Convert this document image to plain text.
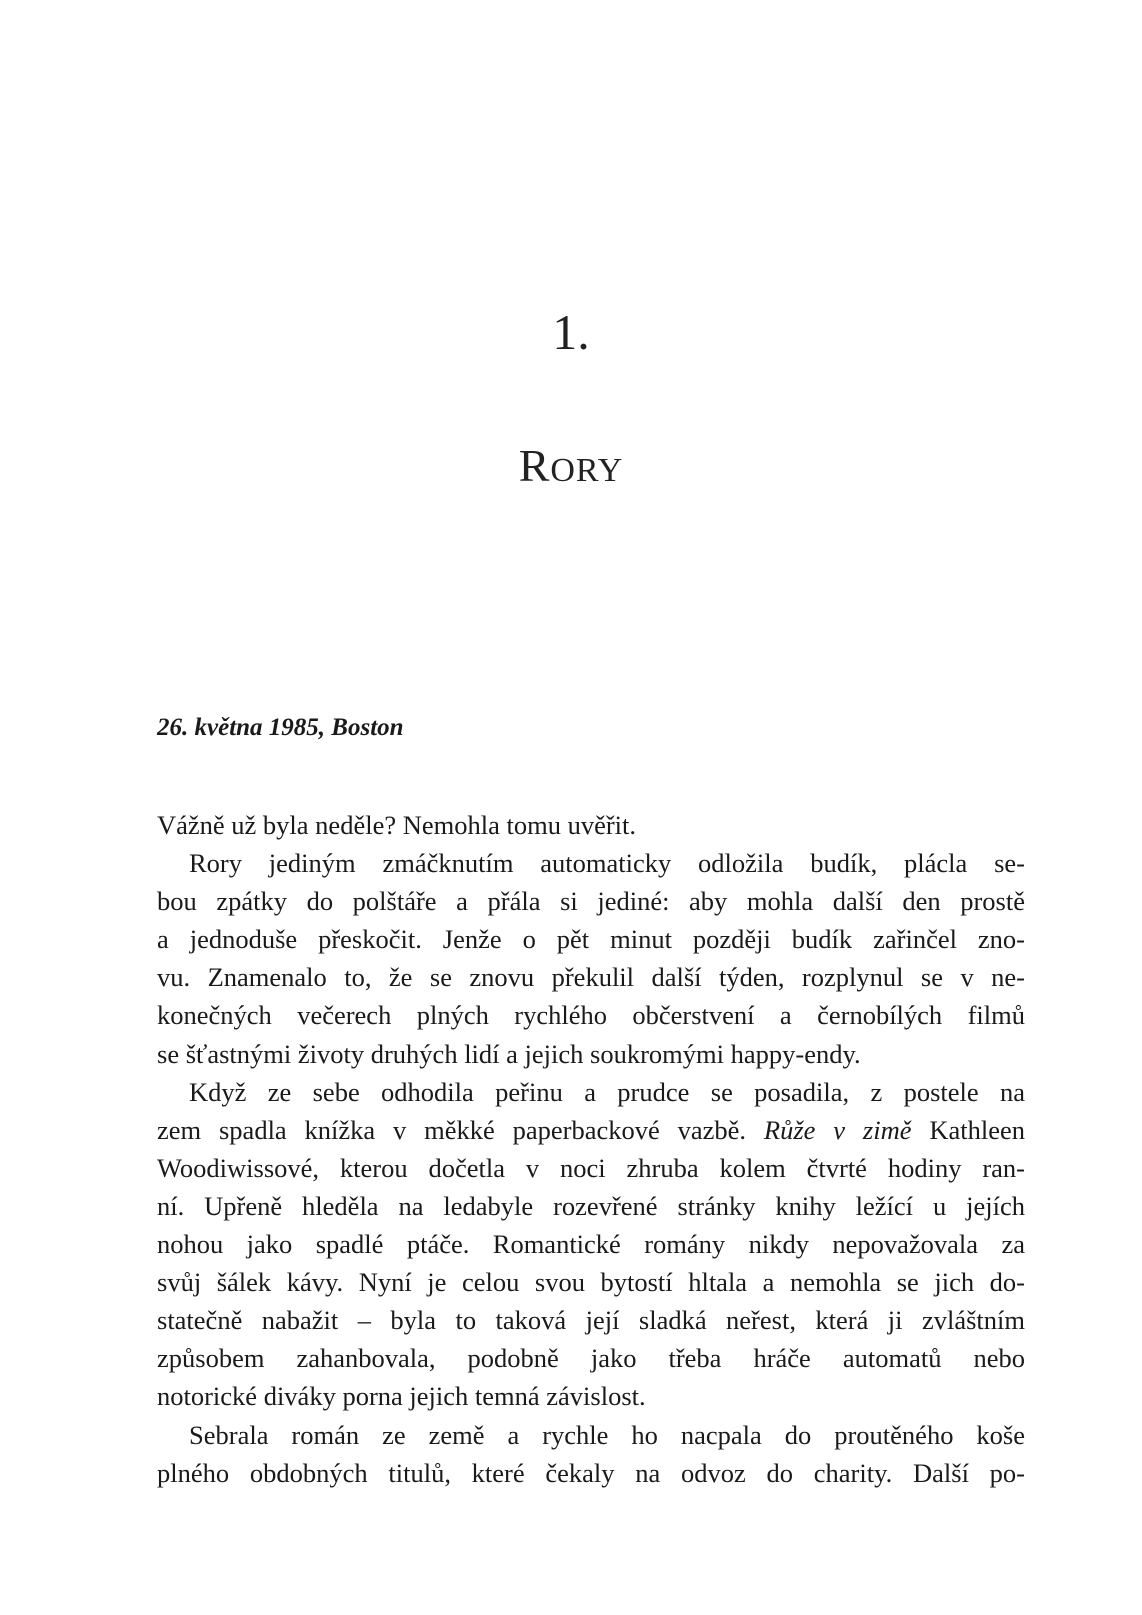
1.
RORY
26. května 1985, Boston
Vážně už byla neděle? Nemohla tomu uvěřit.
Rory jediným zmáčknutím automaticky odložila budík, plácla se-
bou zpátky do polštáře a přála si jediné: aby mohla další den prostě
a jednoduše přeskočit. Jenže o pět minut později budík zařinčel zno-
vu. Znamenalo to, že se znovu překulil další týden, rozplynul se v ne-
konečných večerech plných rychlého občerstvení a černobílých filmů
se šťastnými životy druhých lidí a jejich soukromými happy-endy.
Když ze sebe odhodila peřinu a prudce se posadila, z postele na
zem spadla knížka v měkké paperbackové vazbě. Růže v zimě Kathleen
Woodiwissové, kterou dočetla v noci zhruba kolem čtvrté hodiny ran-
ní. Upřeně hleděla na ledabyle rozevřené stránky knihy ležící u jejích
nohou jako spadlé ptáče. Romantické romány nikdy nepovažovala za
svůj šálek kávy. Nyní je celou svou bytostí hltala a nemohla se jich do-
statečně nabažit – byla to taková její sladká neřest, která ji zvláštním
způsobem zahanbovala, podobně jako třeba hráče automatů nebo
notorické diváky porna jejich temná závislost.
Sebrala román ze země a rychle ho nacpala do proutěného koše
plného obdobných titulů, které čekaly na odvoz do charity. Další po-
